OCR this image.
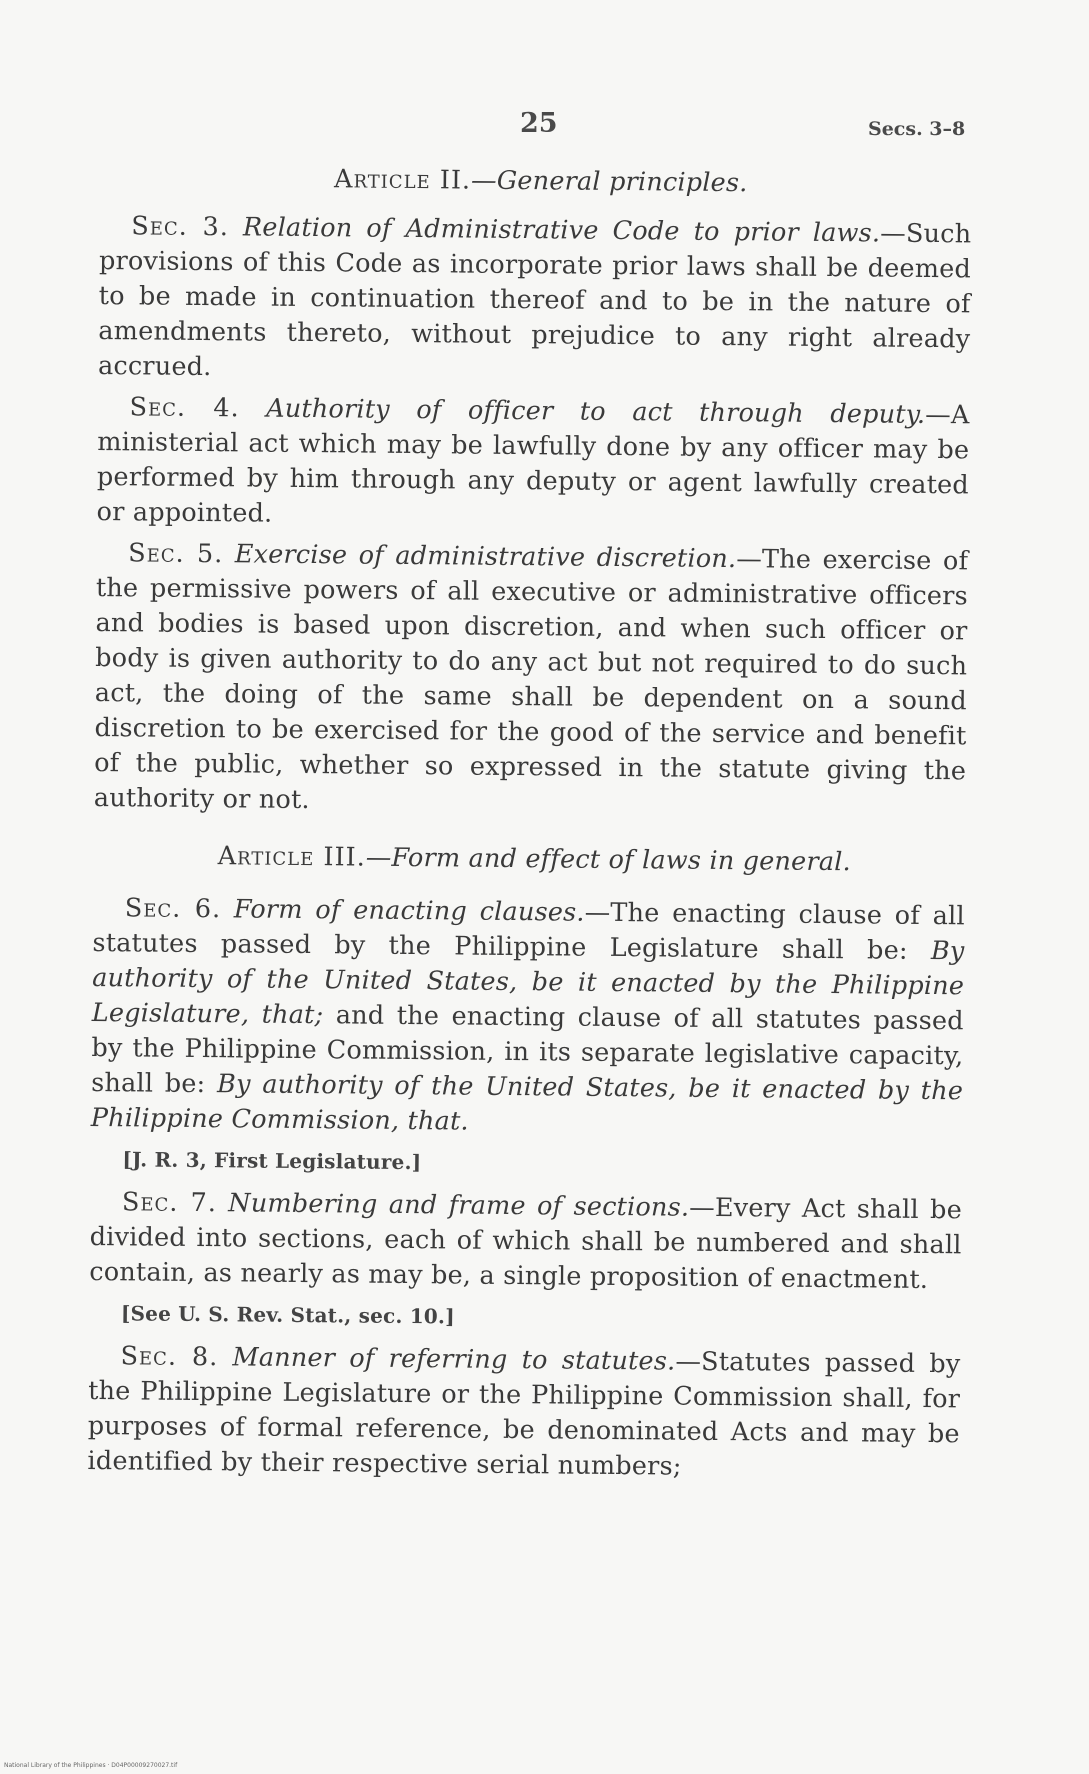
25	Secs. 3–8
Article II.—General principles.

Sec. 3. Relation of Administrative Code to prior laws.—Such provisions of this Code as incorporate prior laws shall be deemed to be made in continuation thereof and to be in the nature of amendments thereto, without prejudice to any right already accrued.

Sec. 4. Authority of officer to act through deputy.—A ministerial act which may be lawfully done by any officer may be performed by him through any deputy or agent lawfully created or appointed.

Sec. 5. Exercise of administrative discretion.—The exercise of the permissive powers of all executive or administrative officers and bodies is based upon discretion, and when such officer or body is given authority to do any act but not required to do such act, the doing of the same shall be dependent on a sound discretion to be exercised for the good of the service and benefit of the public, whether so expressed in the statute giving the authority or not.

Article III.—Form and effect of laws in general.

Sec. 6. Form of enacting clauses.—The enacting clause of all statutes passed by the Philippine Legislature shall be: By authority of the United States, be it enacted by the Philippine Legislature, that; and the enacting clause of all statutes passed by the Philippine Commission, in its separate legislative capacity, shall be: By authority of the United States, be it enacted by the Philippine Commission, that.

[J. R. 3, First Legislature.]

Sec. 7. Numbering and frame of sections.—Every Act shall be divided into sections, each of which shall be numbered and shall contain, as nearly as may be, a single proposition of enactment.

[See U. S. Rev. Stat., sec. 10.]

Sec. 8. Manner of referring to statutes.—Statutes passed by the Philippine Legislature or the Philippine Commission shall, for purposes of formal reference, be denominated Acts and may be identified by their respective serial numbers;

National Library of the Philippines · D04P00009270027.tif
